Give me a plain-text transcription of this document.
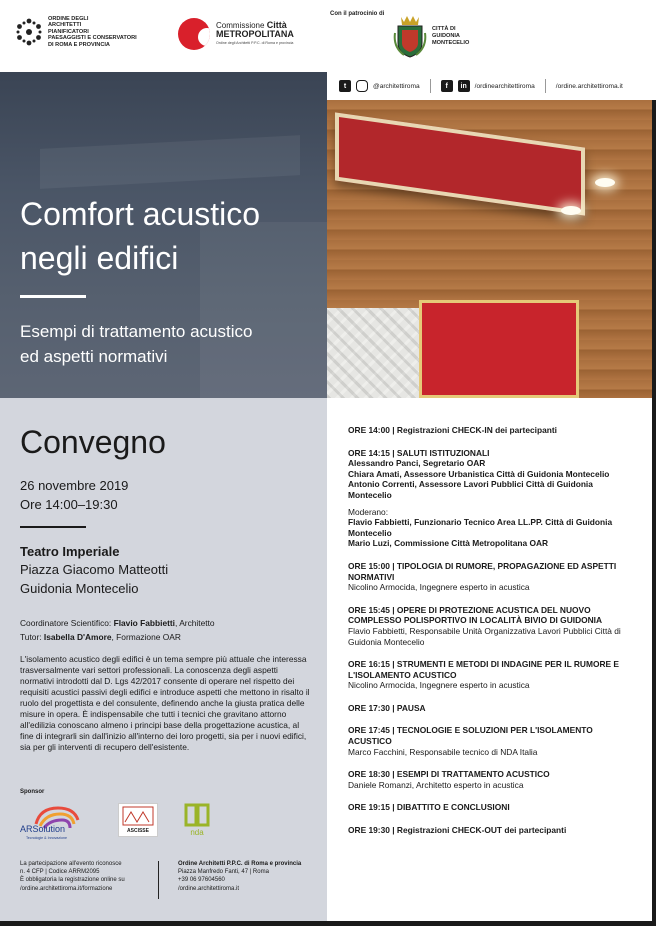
ORDINE DEGLI
ARCHITETTI
PIANIFICATORI
PAESAGGISTI E CONSERVATORI
DI ROMA E PROVINCIA
Commissione Città
METROPOLITANA
Ordine degli Architetti P.P.C. di Roma e provincia
Con il patrocinio di
CITTÀ DI
GUIDONIA
MONTECELIO
Comfort acustico
negli edifici
Esempi di trattamento acustico
ed aspetti normativi
t	@architettiroma	f	in	/ordinearchitettiroma	/ordine.architettiroma.it
Convegno
26 novembre 2019
Ore 14:00–19:30
Teatro Imperiale
Piazza Giacomo Matteotti
Guidonia Montecelio
Coordinatore Scientifico: Flavio Fabbietti, Architetto
Tutor: Isabella D'Amore, Formazione OAR
L'isolamento acustico degli edifici è un tema sempre più attuale che interessa trasversalmente vari settori professionali. La conoscenza degli aspetti normativi introdotti dal D. Lgs 42/2017 consente di operare nel rispetto dei requisiti acustici passivi degli edifici e introduce aspetti che mettono in risalto il ruolo del progettista e del consulente, definendo anche la giusta pratica delle misure in opera. È indispensabile che tutti i tecnici che gravitano attorno all'edilizia conoscano almeno i principi base della progettazione acustica, al fine di integrarli sin dall'inizio all'interno dei loro progetti, sia per i nuovi edifici, sia per gli interventi di recupero dell'esistente.
Sponsor
ARSolution
Tecnologie & Innovazione
ASCISSE	nda
La partecipazione all'evento riconosce
n. 4 CFP | Codice ARRM2095
È obbligatoria la registrazione online su
/ordine.architettiroma.it/formazione
Ordine Architetti P.P.C. di Roma e provincia
Piazza Manfredo Fanti, 47 | Roma
+39 06 97604560
/ordine.architettiroma.it
ORE 14:00 | Registrazioni CHECK-IN dei partecipanti
ORE 14:15 | SALUTI ISTITUZIONALI
Alessandro Panci, Segretario OAR
Chiara Amati, Assessore Urbanistica Città di Guidonia Montecelio
Antonio Correnti, Assessore Lavori Pubblici Città di Guidonia Montecelio
Moderano:
Flavio Fabbietti, Funzionario Tecnico Area LL.PP. Città di Guidonia Montecelio
Mario Luzi, Commissione Città Metropolitana OAR
ORE 15:00 | TIPOLOGIA DI RUMORE, PROPAGAZIONE ED ASPETTI NORMATIVI
Nicolino Armocida, Ingegnere esperto in acustica
ORE 15:45 | OPERE DI PROTEZIONE ACUSTICA DEL NUOVO COMPLESSO POLISPORTIVO IN LOCALITÀ BIVIO DI GUIDONIA
Flavio Fabbietti, Responsabile Unità Organizzativa Lavori Pubblici Città di Guidonia Montecelio
ORE 16:15 | STRUMENTI E METODI DI INDAGINE PER IL RUMORE E L'ISOLAMENTO ACUSTICO
Nicolino Armocida, Ingegnere esperto in acustica
ORE 17:30 | PAUSA
ORE 17:45 | TECNOLOGIE E SOLUZIONI PER L'ISOLAMENTO ACUSTICO
Marco Facchini, Responsabile tecnico di NDA Italia
ORE 18:30 | ESEMPI DI TRATTAMENTO ACUSTICO
Daniele Romanzi, Architetto esperto in acustica
ORE 19:15 | DIBATTITO E CONCLUSIONI
ORE 19:30 | Registrazioni CHECK-OUT dei partecipanti
